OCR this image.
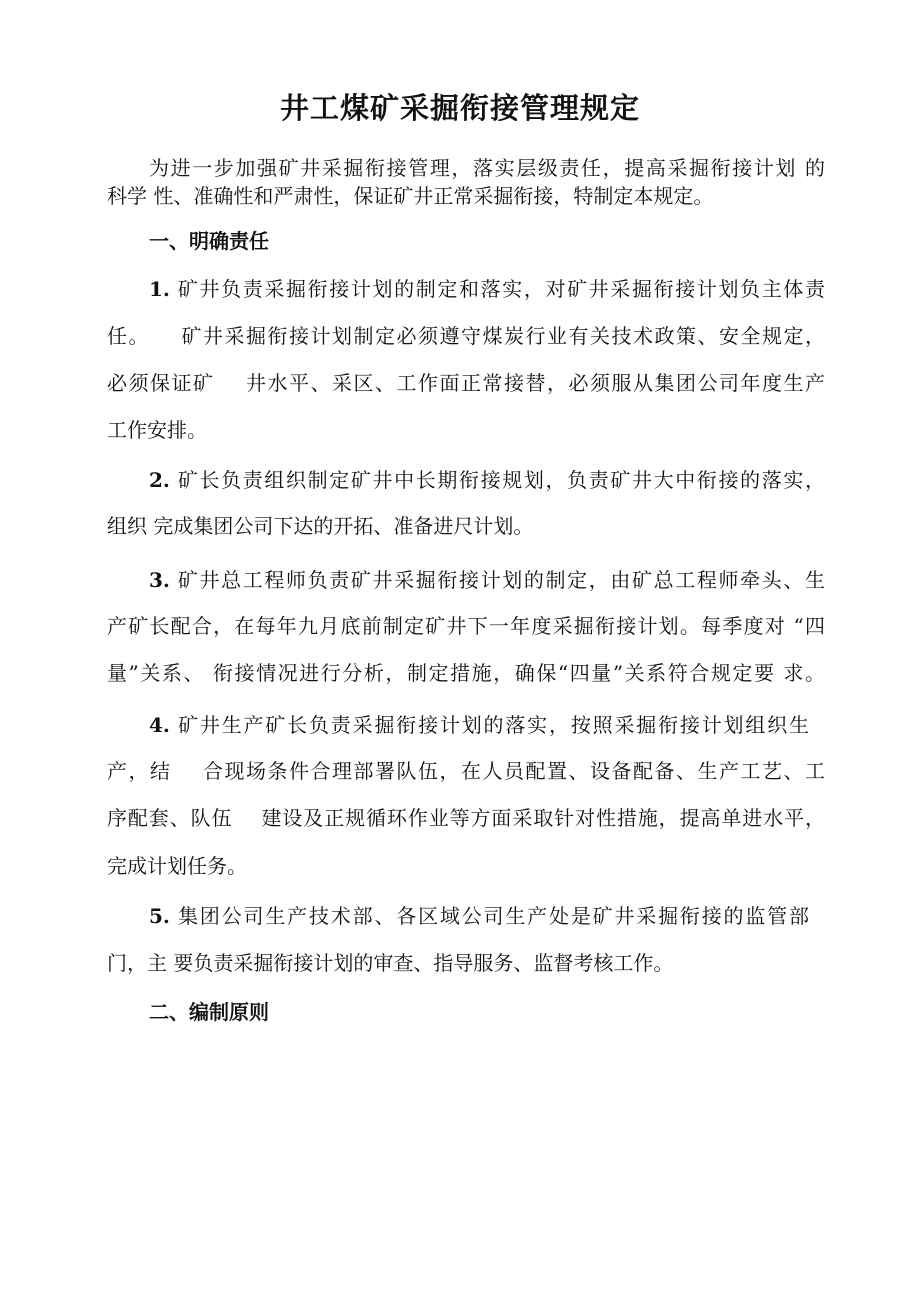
井工煤矿采掘衔接管理规定
为进一步加强矿井采掘衔接管理，落实层级责任，提高采掘衔接计划 的
科学 性、准确性和严肃性，保证矿井正常采掘衔接，特制定本规定。
一、明确责任
1. 矿井负责采掘衔接计划的制定和落实，对矿井采掘衔接计划负主体责
任。    矿井采掘衔接计划制定必须遵守煤炭行业有关技术政策、安全规定，
必须保证矿    井水平、采区、工作面正常接替，必须服从集团公司年度生产
工作安排。
2. 矿长负责组织制定矿井中长期衔接规划，负责矿井大中衔接的落实，
组织 完成集团公司下达的开拓、准备进尺计划。
3. 矿井总工程师负责矿井采掘衔接计划的制定，由矿总工程师牵头、生
产矿长配合，在每年九月底前制定矿井下一年度采掘衔接计划。每季度对 “四
量”关系、 衔接情况进行分析，制定措施，确保“四量”关系符合规定要 求。
4. 矿井生产矿长负责采掘衔接计划的落实，按照采掘衔接计划组织生
产，结    合现场条件合理部署队伍，在人员配置、设备配备、生产工艺、工
序配套、队伍    建设及正规循环作业等方面采取针对性措施，提高单进水平，
完成计划任务。
5. 集团公司生产技术部、各区域公司生产处是矿井采掘衔接的监管部
门，主 要负责采掘衔接计划的审查、指导服务、监督考核工作。
二、编制原则
